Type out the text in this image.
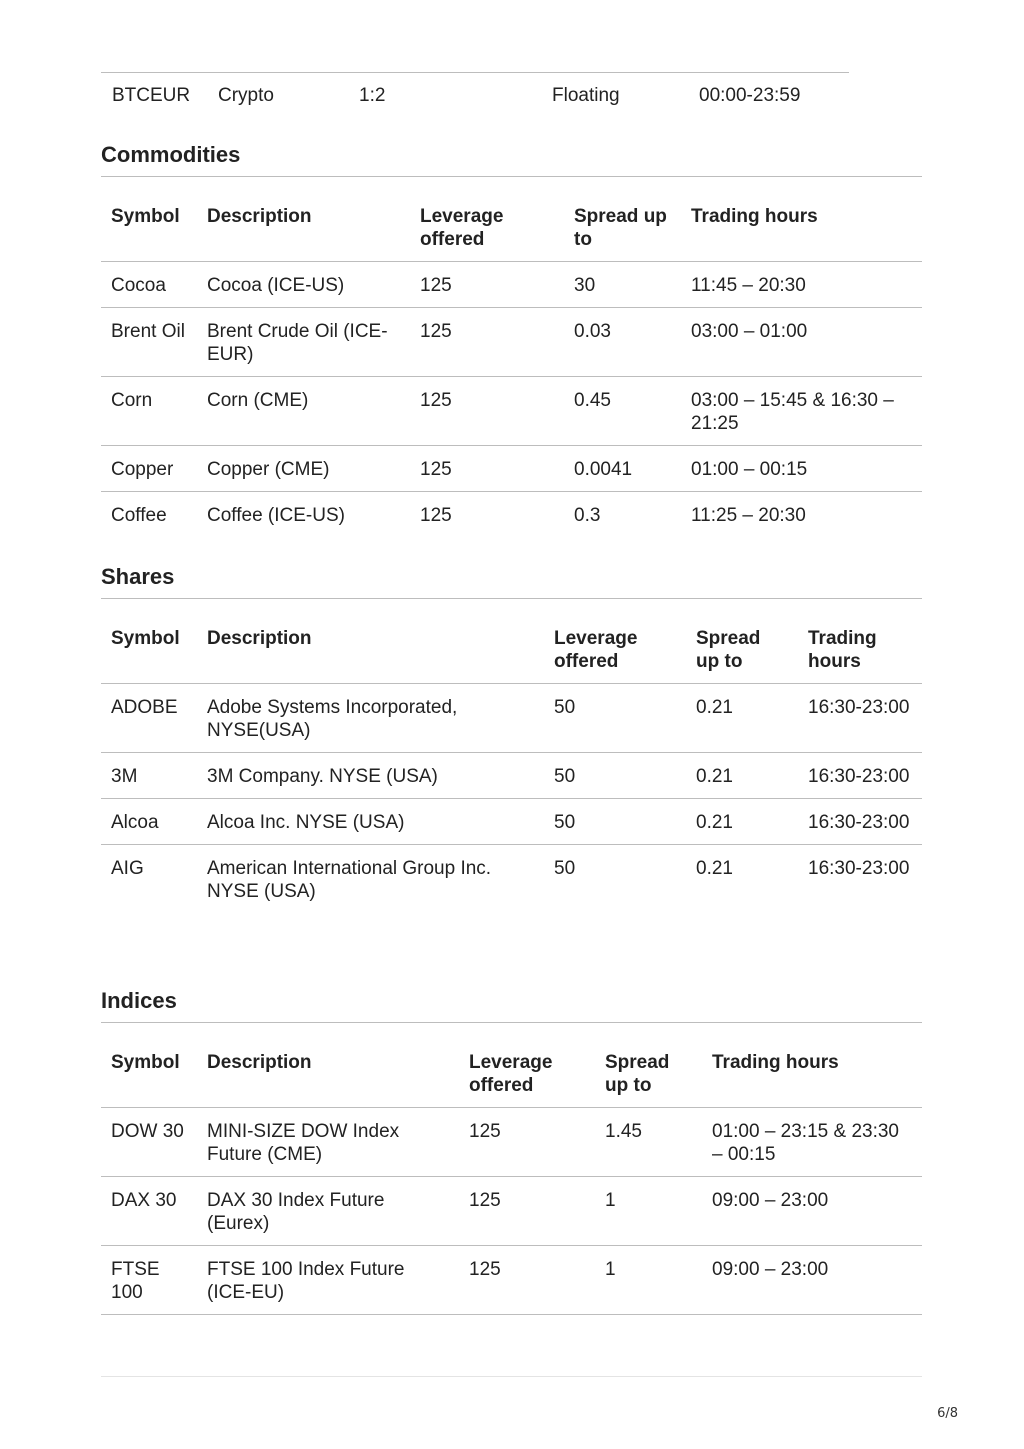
BTCEUR Crypto	1:2	Floating	00:00-23:59
Commodities
Symbol	Description	Leverage offered	Spread up to	Trading hours
Cocoa	Cocoa (ICE-US)	125	30	11:45 – 20:30
Brent Oil	Brent Crude Oil (ICE-EUR)	125	0.03	03:00 – 01:00
Corn	Corn (CME)	125	0.45	03:00 – 15:45 & 16:30 – 21:25
Copper	Copper (CME)	125	0.0041	01:00 – 00:15
Coffee	Coffee (ICE-US)	125	0.3	11:25 – 20:30
Shares
Symbol	Description	Leverage offered	Spread up to	Trading hours
ADOBE	Adobe Systems Incorporated, NYSE(USA)	50	0.21	16:30-23:00
3M	3M Company. NYSE (USA)	50	0.21	16:30-23:00
Alcoa	Alcoa Inc. NYSE (USA)	50	0.21	16:30-23:00
AIG	American International Group Inc. NYSE (USA)	50	0.21	16:30-23:00
Indices
Symbol	Description	Leverage offered	Spread up to	Trading hours
DOW 30	MINI-SIZE DOW Index Future (CME)	125	1.45	01:00 – 23:15 & 23:30 – 00:15
DAX 30	DAX 30 Index Future (Eurex)	125	1	09:00 – 23:00
FTSE 100	FTSE 100 Index Future (ICE-EU)	125	1	09:00 – 23:00
6/8
